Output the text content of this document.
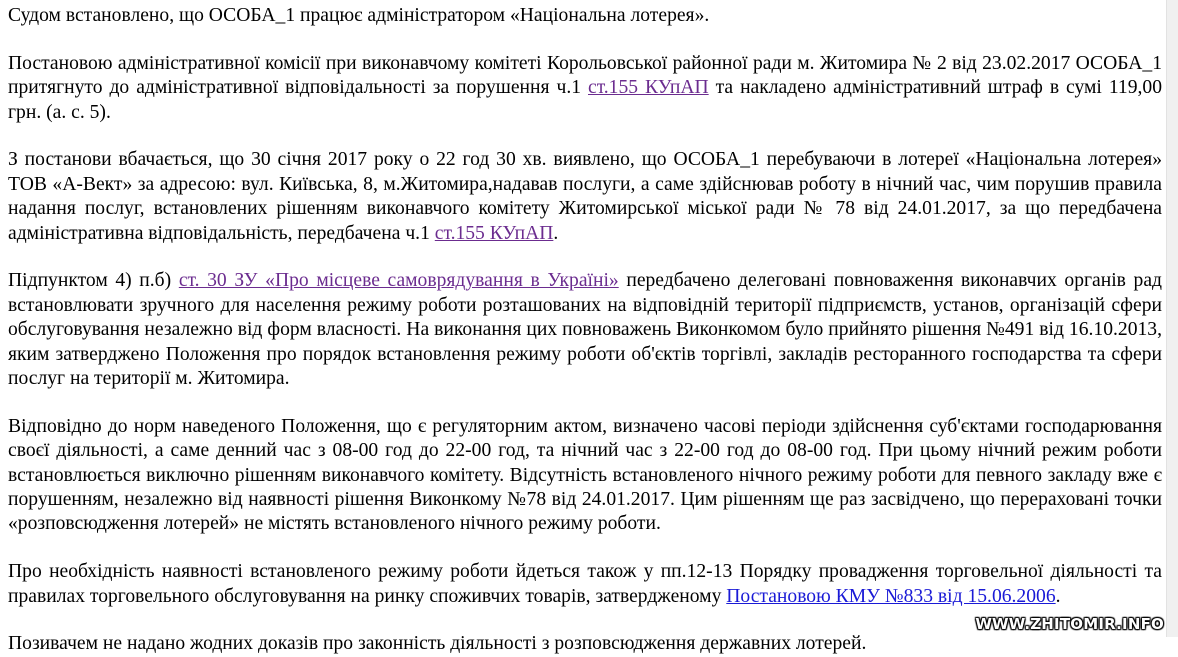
Судом встановлено, що ОСОБА_1 працює адміністратором «Національна лотерея».

Постановою адміністративної комісії при виконавчому комітеті Корольовської районної ради м. Житомира № 2 від 23.02.2017 ОСОБА_1 притягнуто до адміністративної відповідальності за порушення ч.1 ст.155 КУпАП та накладено адміністративний штраф в сумі 119,00 грн. (а. с. 5).

З постанови вбачається, що 30 січня 2017 року о 22 год 30 хв. виявлено, що ОСОБА_1 перебуваючи в лотереї «Національна лотерея» ТОВ «А-Вект» за адресою: вул. Київська, 8, м.Житомира,надавав послуги, а саме здійснював роботу в нічний час, чим порушив правила надання послуг, встановлених рішенням виконавчого комітету Житомирської міської ради № 78 від 24.01.2017, за що передбачена адміністративна відповідальність, передбачена ч.1 ст.155 КУпАП.

Підпунктом 4) п.б) ст. 30 ЗУ «Про місцеве самоврядування в Україні» передбачено делеговані повноваження виконавчих органів рад встановлювати зручного для населення режиму роботи розташованих на відповідній території підприємств, установ, організацій сфери обслуговування незалежно від форм власності. На виконання цих повноважень Виконкомом було прийнято рішення №491 від 16.10.2013, яким затверджено Положення про порядок встановлення режиму роботи об'єктів торгівлі, закладів ресторанного господарства та сфери послуг на території м. Житомира.

Відповідно до норм наведеного Положення, що є регуляторним актом, визначено часові періоди здійснення суб'єктами господарювання своєї діяльності, а саме денний час з 08-00 год до 22-00 год, та нічний час з 22-00 год до 08-00 год. При цьому нічний режим роботи встановлюється виключно рішенням виконавчого комітету. Відсутність встановленого нічного режиму роботи для певного закладу вже є порушенням, незалежно від наявності рішення Виконкому №78 від 24.01.2017. Цим рішенням ще раз засвідчено, що перераховані точки «розповсюдження лотерей» не містять встановленого нічного режиму роботи.

Про необхідність наявності встановленого режиму роботи йдеться також у пп.12-13 Порядку провадження торговельної діяльності та правилах торговельного обслуговування на ринку споживчих товарів, затвердженому Постановою КМУ №833 від 15.06.2006.

Позивачем не надано жодних доказів про законність діяльності з розповсюдження державних лотерей.	WWW.ZHITOMIR.INFO
